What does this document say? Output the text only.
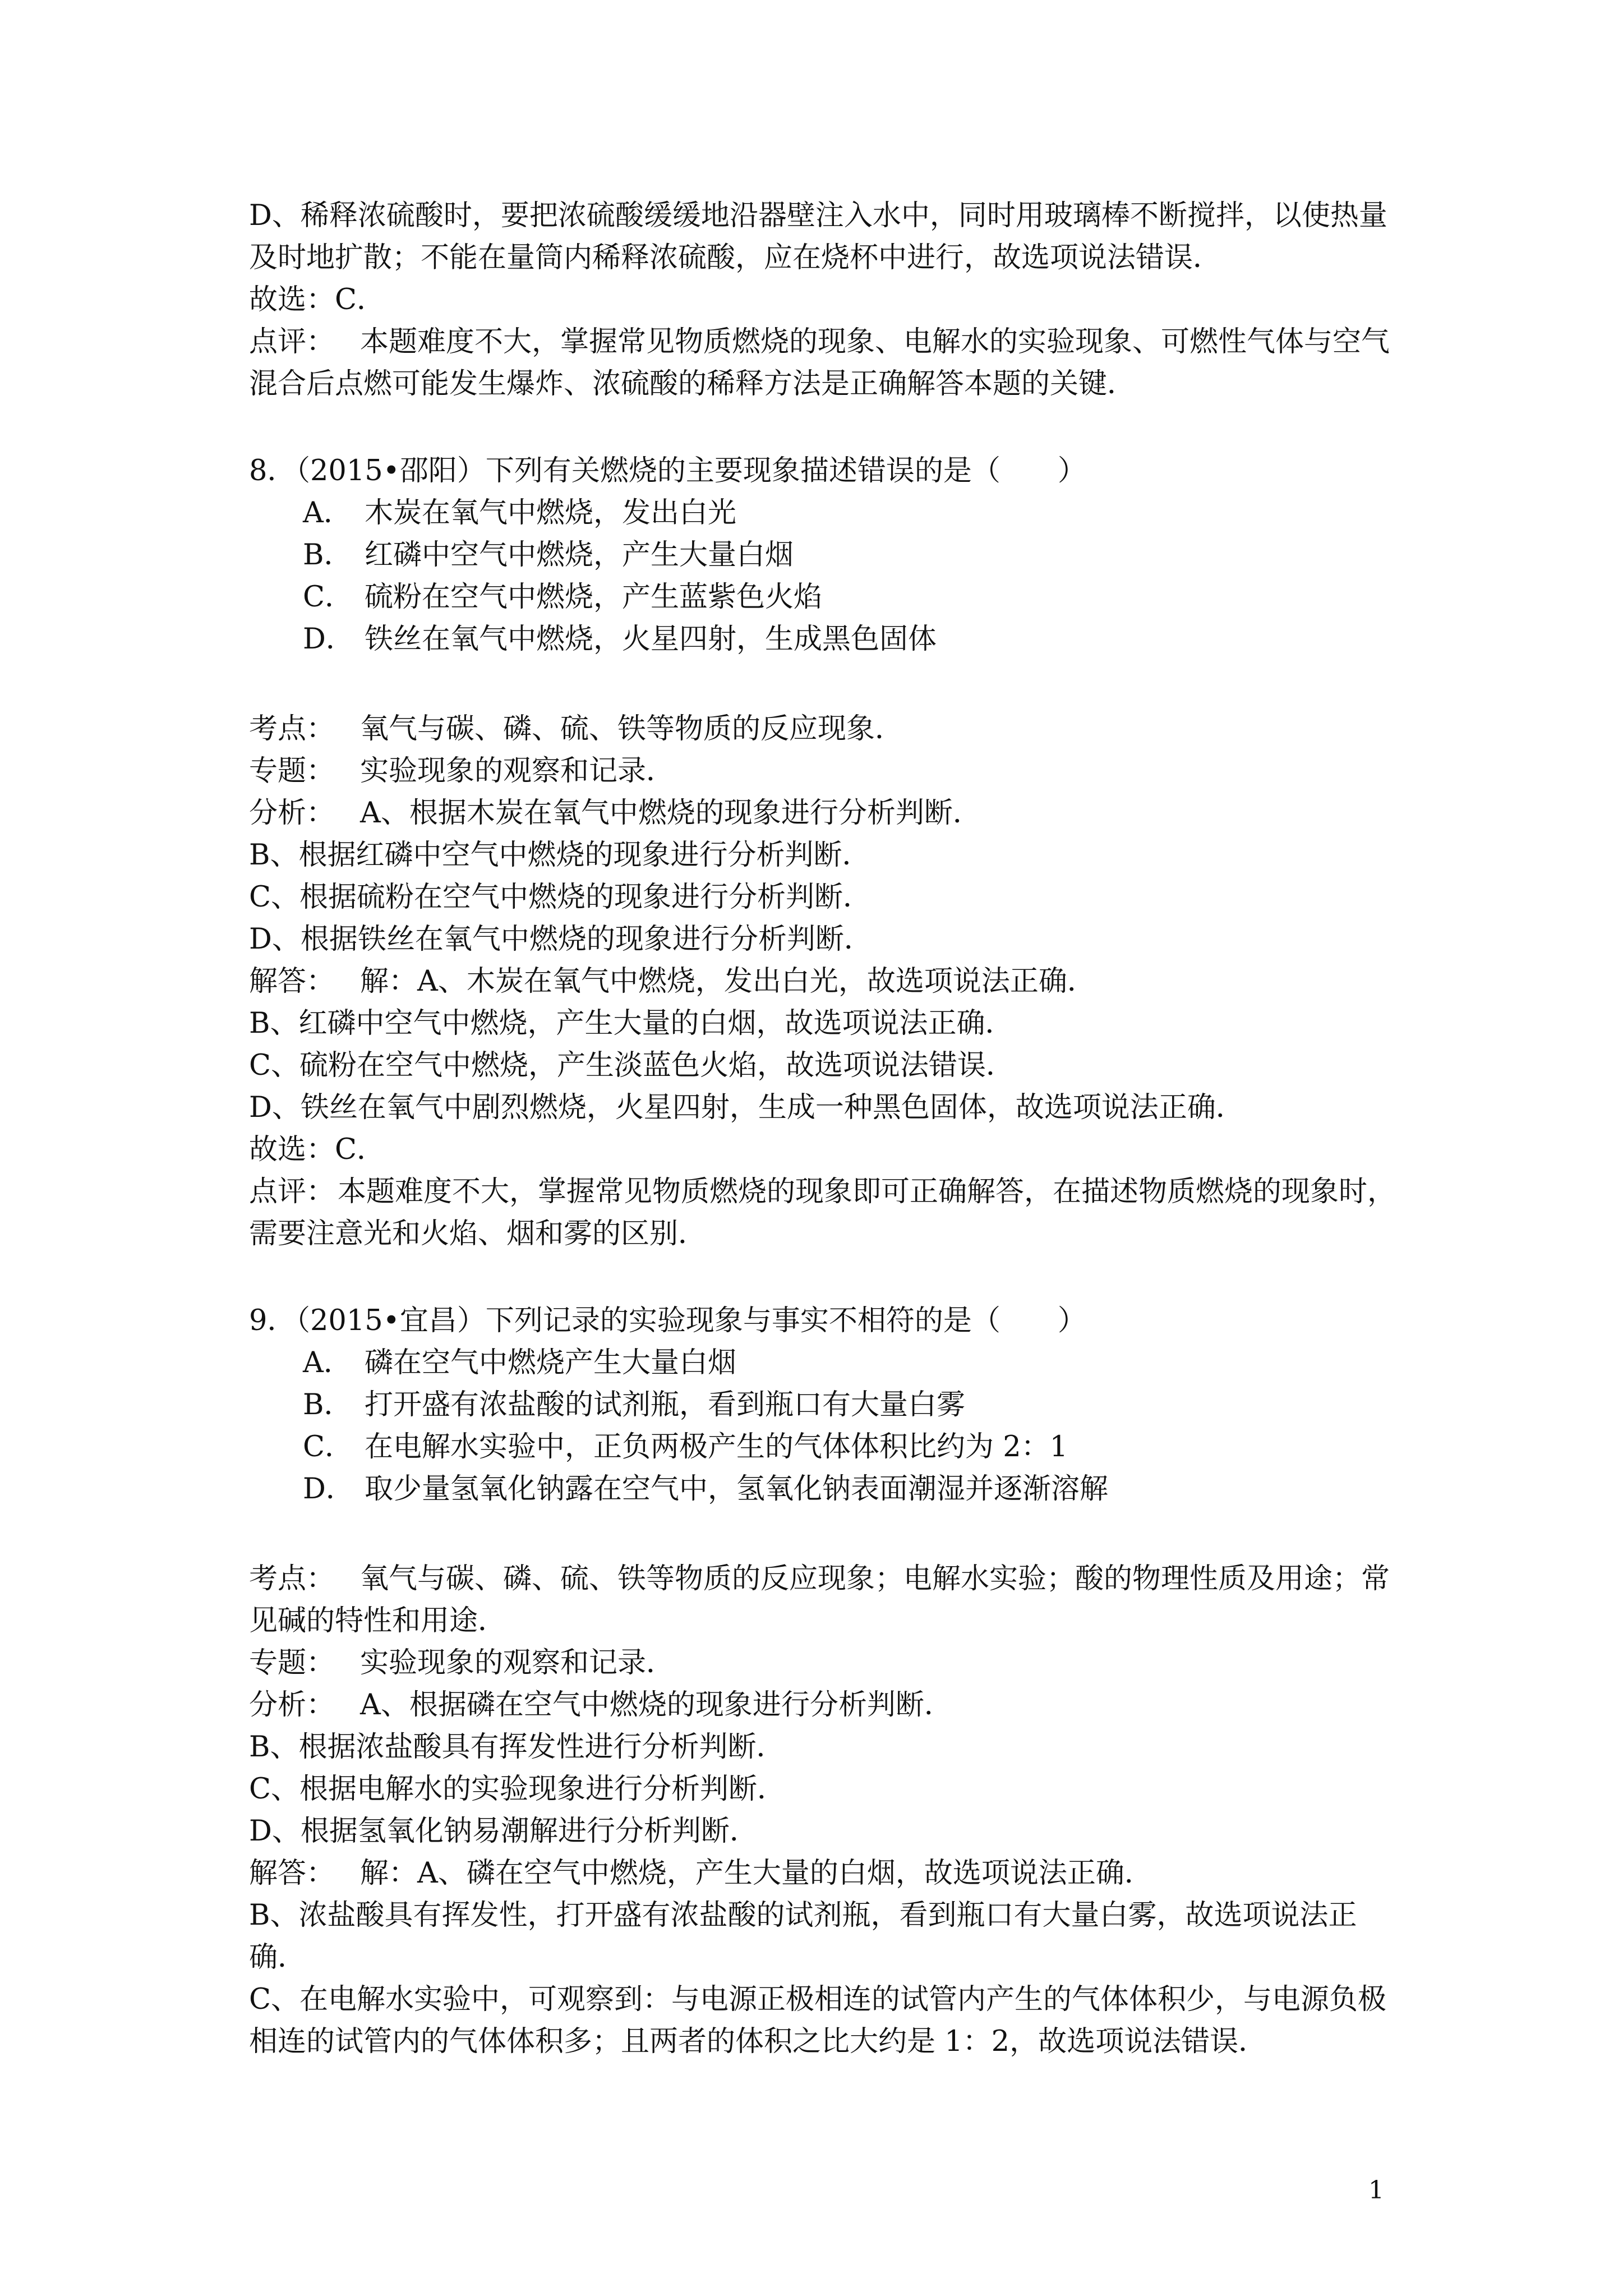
D、稀释浓硫酸时，要把浓硫酸缓缓地沿器壁注入水中，同时用玻璃棒不断搅拌，以使热量
及时地扩散；不能在量筒内稀释浓硫酸，应在烧杯中进行，故选项说法错误．
故选：C．
点评： 本题难度不大，掌握常见物质燃烧的现象、电解水的实验现象、可燃性气体与空气
混合后点燃可能发生爆炸、浓硫酸的稀释方法是正确解答本题的关键．
8．（2015•邵阳）下列有关燃烧的主要现象描述错误的是（　　）
A． 木炭在氧气中燃烧，发出白光
B． 红磷中空气中燃烧，产生大量白烟
C． 硫粉在空气中燃烧，产生蓝紫色火焰
D． 铁丝在氧气中燃烧，火星四射，生成黑色固体
考点： 氧气与碳、磷、硫、铁等物质的反应现象．
专题： 实验现象的观察和记录．
分析： A、根据木炭在氧气中燃烧的现象进行分析判断．
B、根据红磷中空气中燃烧的现象进行分析判断．
C、根据硫粉在空气中燃烧的现象进行分析判断．
D、根据铁丝在氧气中燃烧的现象进行分析判断．
解答： 解：A、木炭在氧气中燃烧，发出白光，故选项说法正确．
B、红磷中空气中燃烧，产生大量的白烟，故选项说法正确．
C、硫粉在空气中燃烧，产生淡蓝色火焰，故选项说法错误．
D、铁丝在氧气中剧烈燃烧，火星四射，生成一种黑色固体，故选项说法正确．
故选：C．
点评：本题难度不大，掌握常见物质燃烧的现象即可正确解答，在描述物质燃烧的现象时，
需要注意光和火焰、烟和雾的区别．
9．（2015•宜昌）下列记录的实验现象与事实不相符的是（　　）
A． 磷在空气中燃烧产生大量白烟
B． 打开盛有浓盐酸的试剂瓶，看到瓶口有大量白雾
C． 在电解水实验中，正负两极产生的气体体积比约为 2：1
D． 取少量氢氧化钠露在空气中，氢氧化钠表面潮湿并逐渐溶解
考点： 氧气与碳、磷、硫、铁等物质的反应现象；电解水实验；酸的物理性质及用途；常
见碱的特性和用途．
专题： 实验现象的观察和记录．
分析： A、根据磷在空气中燃烧的现象进行分析判断．
B、根据浓盐酸具有挥发性进行分析判断．
C、根据电解水的实验现象进行分析判断．
D、根据氢氧化钠易潮解进行分析判断．
解答： 解：A、磷在空气中燃烧，产生大量的白烟，故选项说法正确．
B、浓盐酸具有挥发性，打开盛有浓盐酸的试剂瓶，看到瓶口有大量白雾，故选项说法正
确．
C、在电解水实验中，可观察到：与电源正极相连的试管内产生的气体体积少，与电源负极
相连的试管内的气体体积多；且两者的体积之比大约是 1：2，故选项说法错误．
1
